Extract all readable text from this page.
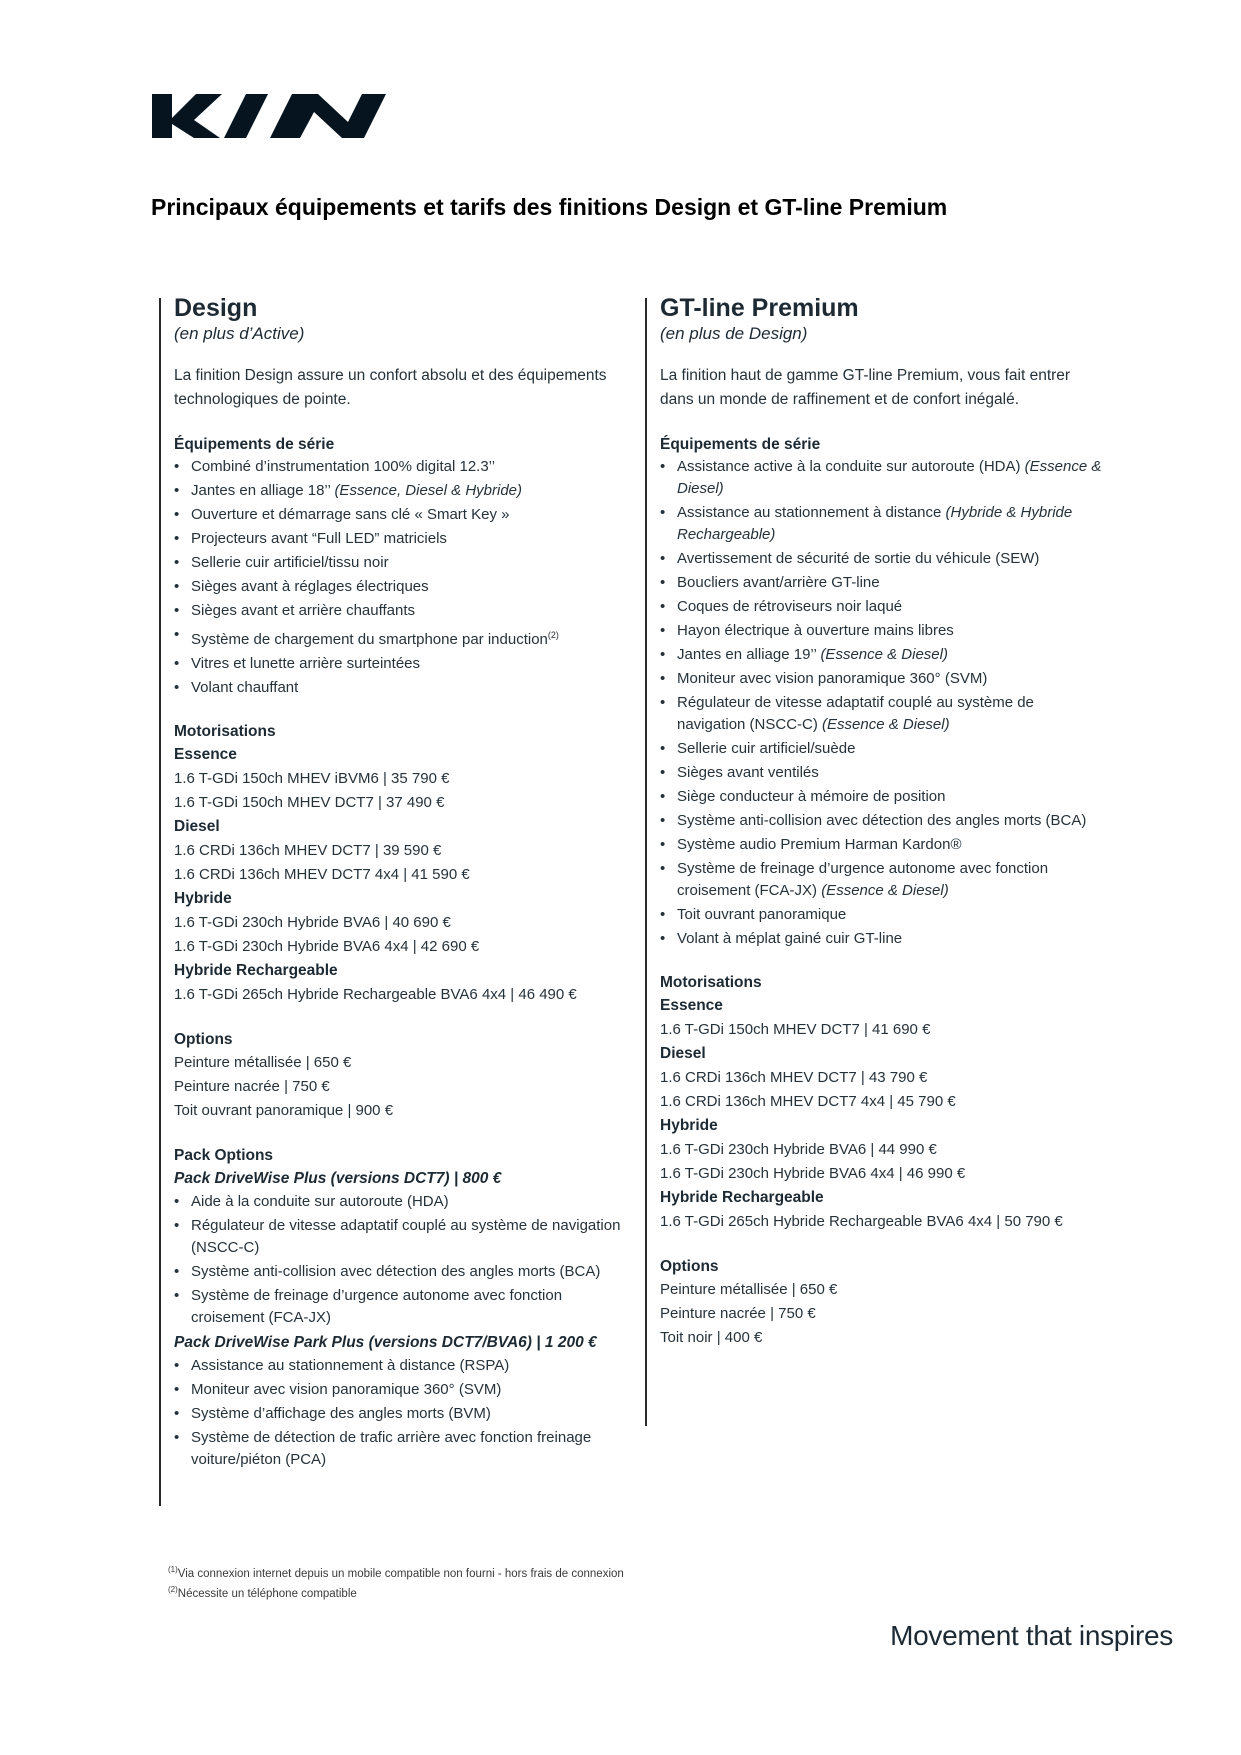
Principaux équipements et tarifs des finitions Design et GT-line Premium
Design
(en plus d’Active)
La finition Design assure un confort absolu et des équipements technologiques de pointe.
Équipements de série
• Combiné d’instrumentation 100% digital 12.3’’
• Jantes en alliage 18’’ (Essence, Diesel & Hybride)
• Ouverture et démarrage sans clé « Smart Key »
• Projecteurs avant “Full LED” matriciels
• Sellerie cuir artificiel/tissu noir
• Sièges avant à réglages électriques
• Sièges avant et arrière chauffants
• Système de chargement du smartphone par induction$^{(2)}$
• Vitres et lunette arrière surteintées
• Volant chauffant
Motorisations
Essence
1.6 T-GDi 150ch MHEV iBVM6 | 35 790 €
1.6 T-GDi 150ch MHEV DCT7 | 37 490 €
Diesel
1.6 CRDi 136ch MHEV DCT7 | 39 590 €
1.6 CRDi 136ch MHEV DCT7 4x4 | 41 590 €
Hybride
1.6 T-GDi 230ch Hybride BVA6 | 40 690 €
1.6 T-GDi 230ch Hybride BVA6 4x4 | 42 690 €
Hybride Rechargeable
1.6 T-GDi 265ch Hybride Rechargeable BVA6 4x4 | 46 490 €
Options
Peinture métallisée | 650 €
Peinture nacrée | 750 €
Toit ouvrant panoramique | 900 €
Pack Options
Pack DriveWise Plus (versions DCT7) | 800 €
• Aide à la conduite sur autoroute (HDA)
• Régulateur de vitesse adaptatif couplé au système de navigation (NSCC-C)
• Système anti-collision avec détection des angles morts (BCA)
• Système de freinage d’urgence autonome avec fonction croisement (FCA-JX)
Pack DriveWise Park Plus (versions DCT7/BVA6) | 1 200 €
• Assistance au stationnement à distance (RSPA)
• Moniteur avec vision panoramique 360° (SVM)
• Système d’affichage des angles morts (BVM)
• Système de détection de trafic arrière avec fonction freinage voiture/piéton (PCA)
GT-line Premium
(en plus de Design)
La finition haut de gamme GT-line Premium, vous fait entrer dans un monde de raffinement et de confort inégalé.
Équipements de série
• Assistance active à la conduite sur autoroute (HDA) (Essence & Diesel)
• Assistance au stationnement à distance (Hybride & Hybride Rechargeable)
• Avertissement de sécurité de sortie du véhicule (SEW)
• Boucliers avant/arrière GT-line
• Coques de rétroviseurs noir laqué
• Hayon électrique à ouverture mains libres
• Jantes en alliage 19’’ (Essence & Diesel)
• Moniteur avec vision panoramique 360° (SVM)
• Régulateur de vitesse adaptatif couplé au système de navigation (NSCC-C) (Essence & Diesel)
• Sellerie cuir artificiel/suède
• Sièges avant ventilés
• Siège conducteur à mémoire de position
• Système anti-collision avec détection des angles morts (BCA)
• Système audio Premium Harman Kardon®
• Système de freinage d’urgence autonome avec fonction croisement (FCA-JX) (Essence & Diesel)
• Toit ouvrant panoramique
• Volant à méplat gainé cuir GT-line
Motorisations
Essence
1.6 T-GDi 150ch MHEV DCT7 | 41 690 €
Diesel
1.6 CRDi 136ch MHEV DCT7 | 43 790 €
1.6 CRDi 136ch MHEV DCT7 4x4 | 45 790 €
Hybride
1.6 T-GDi 230ch Hybride BVA6 | 44 990 €
1.6 T-GDi 230ch Hybride BVA6 4x4 | 46 990 €
Hybride Rechargeable
1.6 T-GDi 265ch Hybride Rechargeable BVA6 4x4 | 50 790 €
Options
Peinture métallisée | 650 €
Peinture nacrée | 750 €
Toit noir | 400 €
$^{(1)}$Via connexion internet depuis un mobile compatible non fourni - hors frais de connexion
$^{(2)}$Nécessite un téléphone compatible
Movement that inspires
